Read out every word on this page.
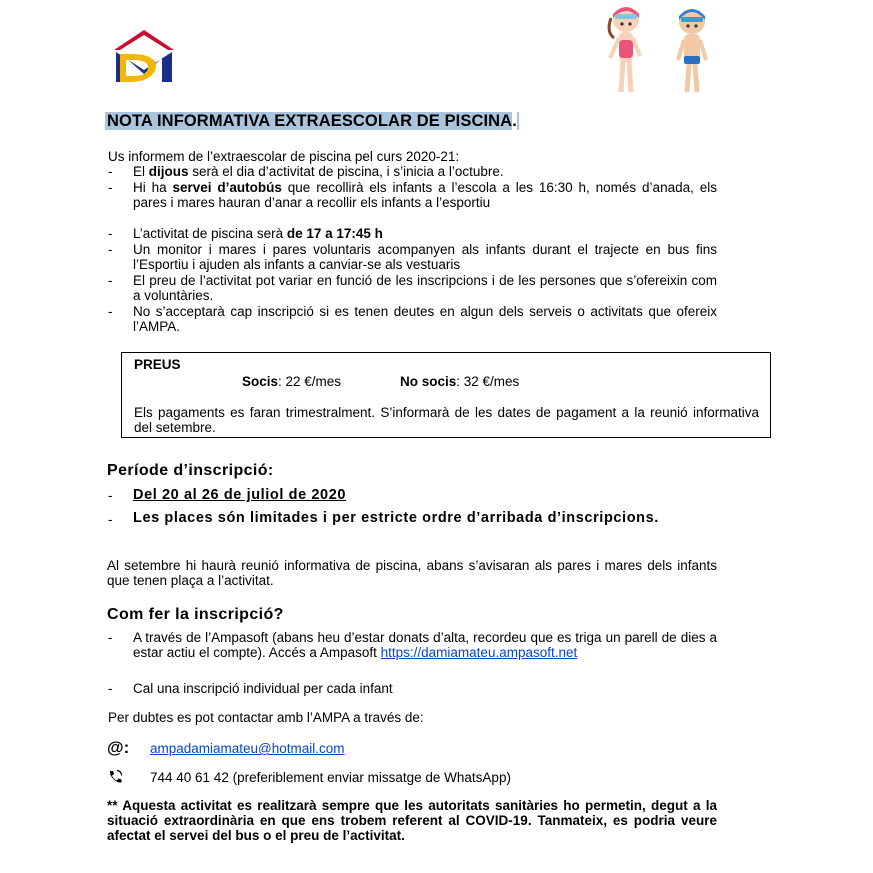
NOTA INFORMATIVA EXTRAESCOLAR DE PISCINA.
Us informem de l’extraescolar de piscina pel curs 2020-21:
- El dijous serà el dia d’activitat de piscina, i s’inicia a l’octubre.
- Hi ha servei d’autobús que recollirà els infants a l’escola a les 16:30 h, només d’anada, els pares i mares hauran d’anar a recollir els infants a l’esportiu
- L’activitat de piscina serà de 17 a 17:45 h
- Un monitor i mares i pares voluntaris acompanyen als infants durant el trajecte en bus fins l’Esportiu i ajuden als infants a canviar-se als vestuaris
- El preu de l’activitat pot variar en funció de les inscripcions i de les persones que s’ofereixin com a voluntàries.
- No s’acceptarà cap inscripció si es tenen deutes en algun dels serveis o activitats que ofereix l’AMPA.
PREUS
Socis: 22 €/mes	No socis: 32 €/mes
Els pagaments es faran trimestralment. S’informarà de les dates de pagament a la reunió informativa del setembre.
Període d’inscripció:
- Del 20 al 26 de juliol de 2020
- Les places són limitades i per estricte ordre d’arribada d’inscripcions.
Al setembre hi haurà reunió informativa de piscina, abans s’avisaran als pares i mares dels infants que tenen plaça a l’activitat.
Com fer la inscripció?
- A través de l’Ampasoft (abans heu d’estar donats d’alta, recordeu que es triga un parell de dies a estar actiu el compte). Accés a Ampasoft https://damiamateu.ampasoft.net
- Cal una inscripció individual per cada infant
Per dubtes es pot contactar amb l’AMPA a través de:
@: ampadamiamateu@hotmail.com
744 40 61 42 (preferiblement enviar missatge de WhatsApp)
** Aquesta activitat es realitzarà sempre que les autoritats sanitàries ho permetin, degut a la situació extraordinària en que ens trobem referent al COVID-19. Tanmateix, es podria veure afectat el servei del bus o el preu de l’activitat.
